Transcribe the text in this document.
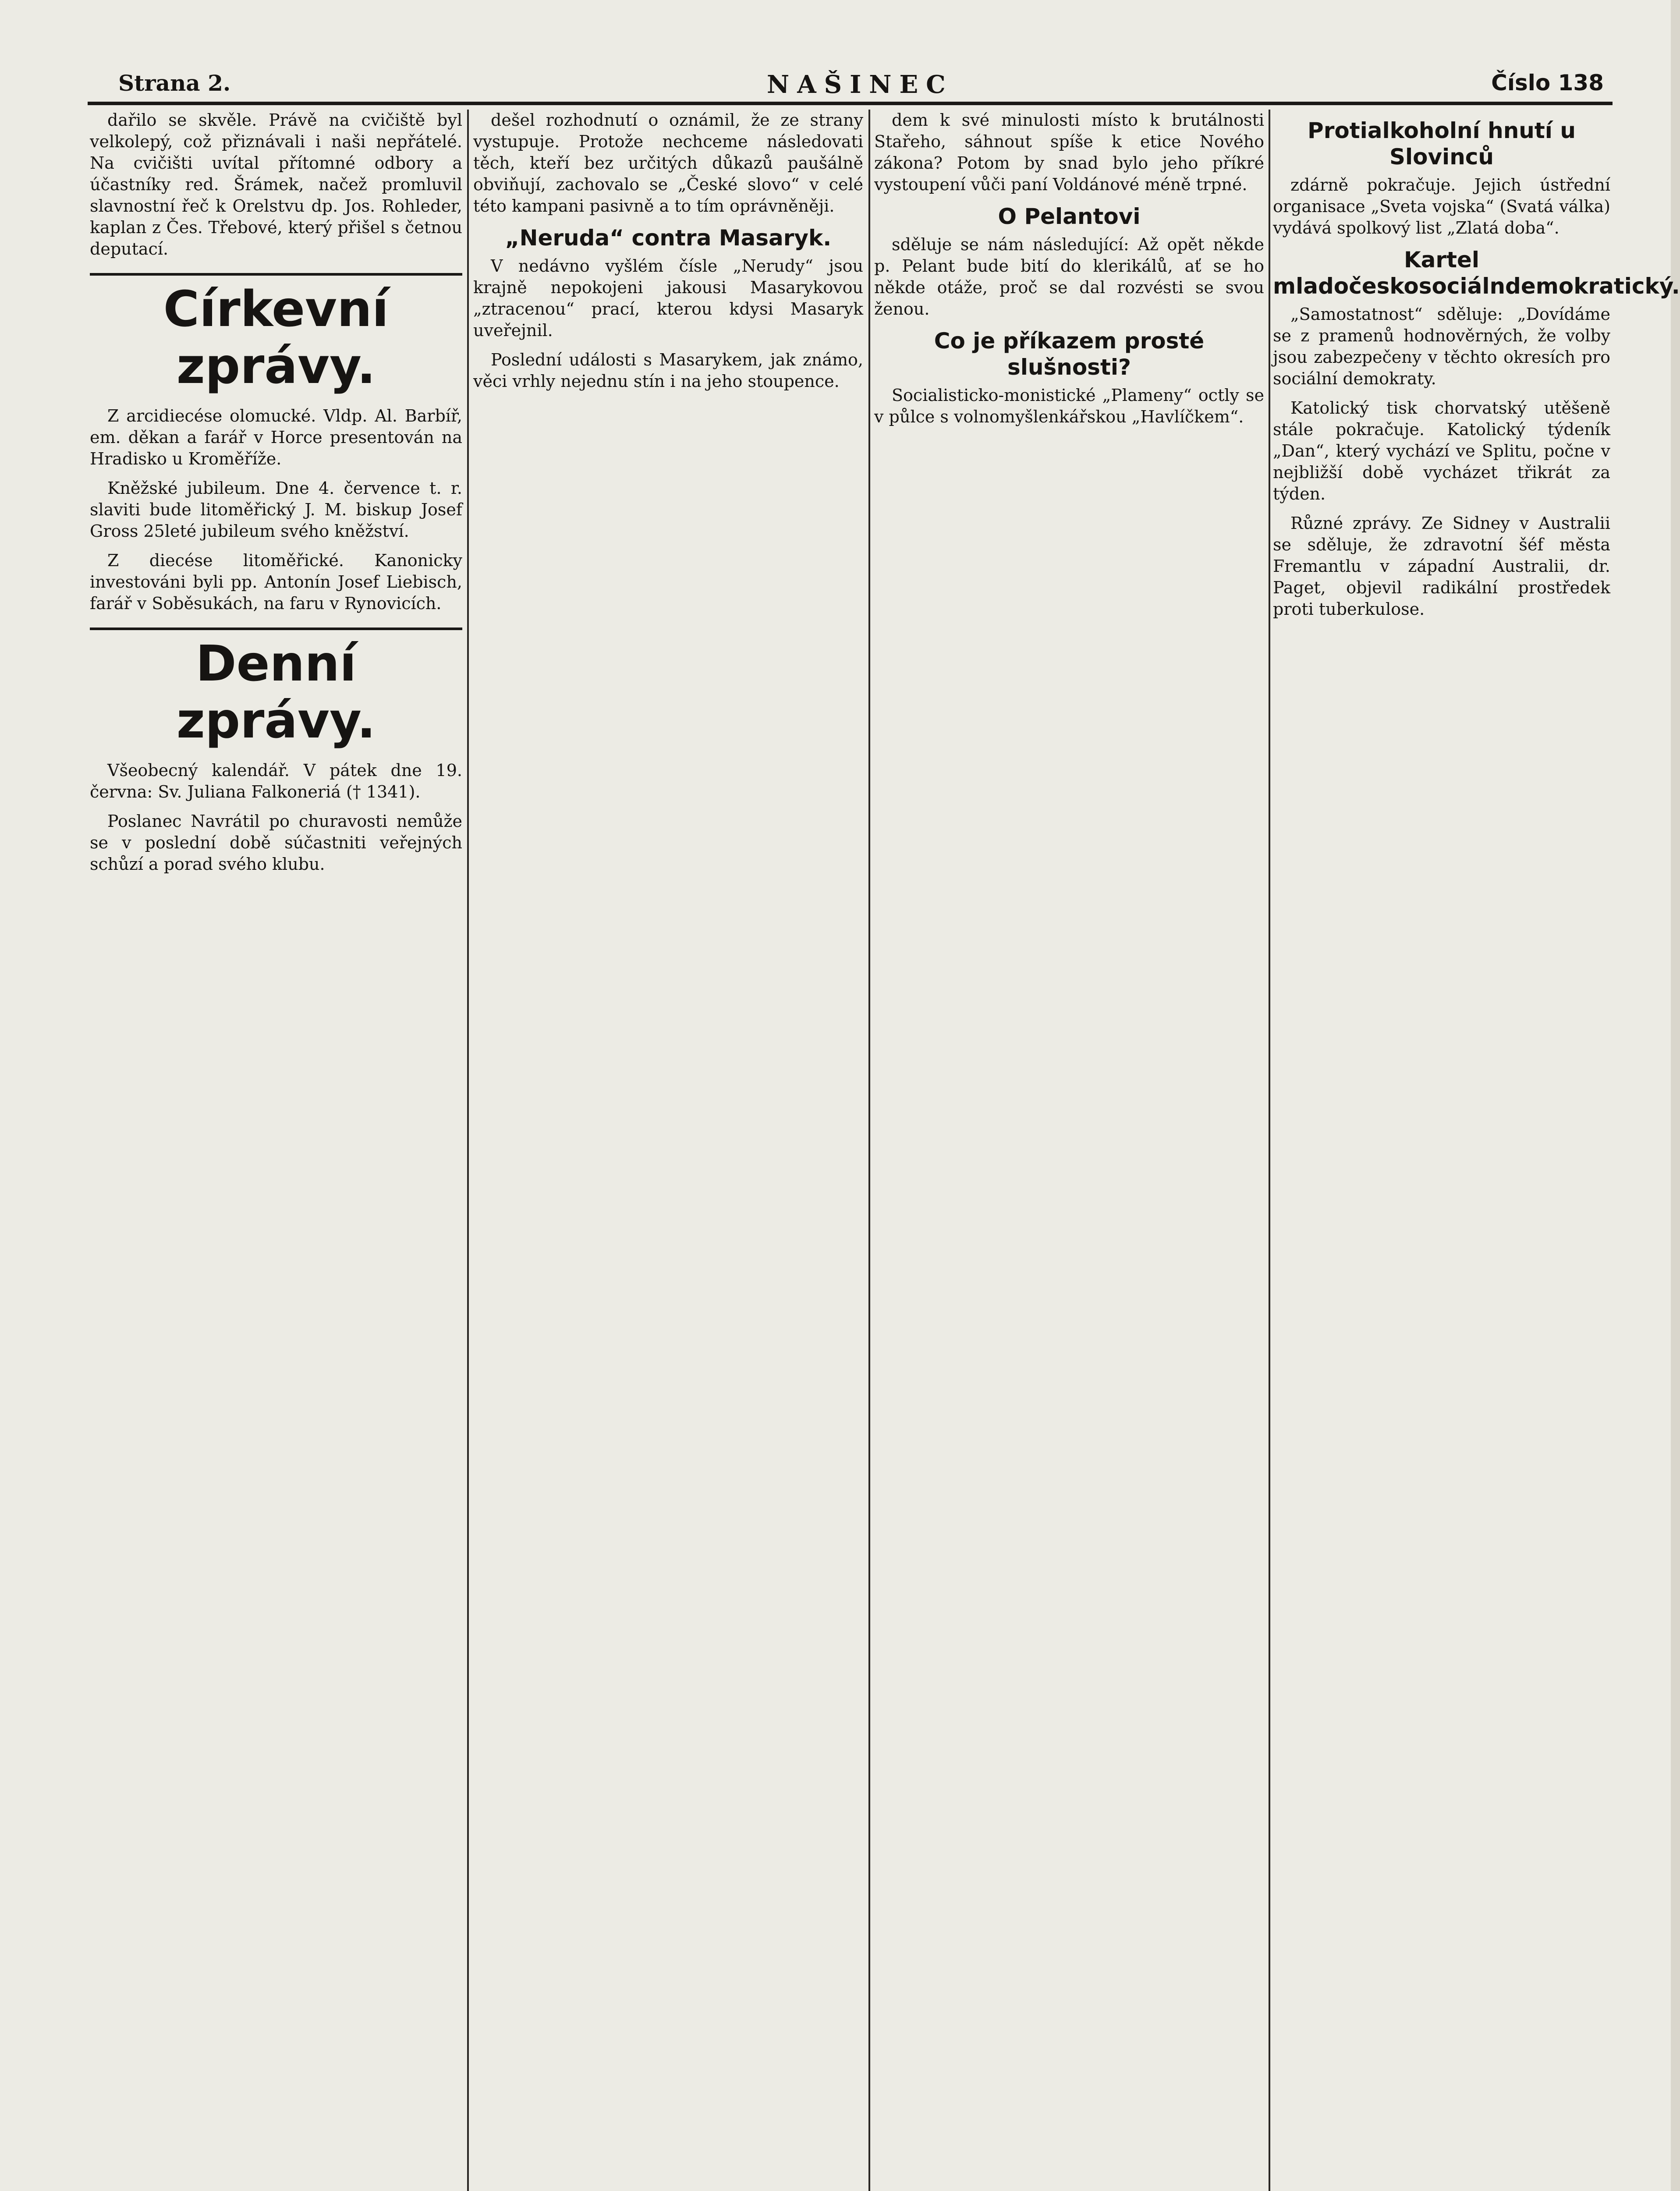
Strana 2.	NAŠINEC	Číslo 138

dařilo se skvěle. Právě na cvičiště byl velkolepý, což přiznávali i naši nepřátelé. Na cvičišti uvítal přítomné odbory a účastníky red. Šrámek, načež promluvil slavnostní řeč k Orelstvu dp. Jos. Rohleder, kaplan z Čes. Třebové, který přišel s četnou deputací.

Církevní zprávy.

Z arcidiecése olomucké. Vldp. Al. Barbíř, em. děkan a farář v Horce presentován na Hradisko u Kroměříže.

Kněžské jubileum. Dne 4. července t. r. slaviti bude litoměřický J. M. biskup Josef Gross 25leté jubileum svého kněžství.

Z diecése litoměřické. Kanonicky investováni byli pp. Antonín Josef Liebisch, farář v Soběsukách, na faru v Rynovicích.

Denní zprávy.

Všeobecný kalendář. V pátek dne 19. června: Sv. Juliana Falkoneriá († 1341).

Poslanec Navrátil po churavosti nemůže se v poslední době súčastniti veřejných schůzí a porad svého klubu.

dešel rozhodnutí o oznámil, že ze strany vystupuje. Protože nechceme následovati těch, kteří bez určitých důkazů paušálně obviňují, zachovalo se „České slovo“ v celé této kampani pasivně a to tím oprávněněji.

„Neruda“ contra Masaryk.

V nedávno vyšlém čísle „Nerudy“ jsou krajně nepokojeni jakousi Masarykovou „ztracenou“ prací, kterou kdysi Masaryk uveřejnil.

Poslední události s Masarykem, jak známo, věci vrhly nejednu stín i na jeho stoupence.

dem k své minulosti místo k brutálnosti Stařeho, sáhnout spíše k etice Nového zákona? Potom by snad bylo jeho příkré vystoupení vůči paní Voldánové méně trpné.

O Pelantovi

sděluje se nám následující: Až opět někde p. Pelant bude bití do klerikálů, ať se ho někde otáže, proč se dal rozvésti se svou ženou.

Co je příkazem prosté slušnosti?

Socialisticko-monistické „Plameny“ octly se v půlce s volnomyšlenkářskou „Havlíčkem“.

Protialkoholní hnutí u Slovinců

zdárně pokračuje. Jejich ústřední organisace „Sveta vojska“ (Svatá válka) vydává spolkový list „Zlatá doba“.

Kartel mladočeskosociálndemokratický.

„Samostatnost“ sděluje: „Dovídáme se z pramenů hodnověrných, že volby jsou zabezpečeny v těchto okresích pro sociální demokraty.

Katolický tisk chorvatský utěšeně stále pokračuje. Katolický týdeník „Dan“, který vychází ve Splitu, počne v nejbližší době vycházet třikrát za týden.

Různé zprávy. Ze Sidney v Australii se sděluje, že zdravotní šéf města Fremantlu v západní Australii, dr. Paget, objevil radikální prostředek proti tuberkulose.
